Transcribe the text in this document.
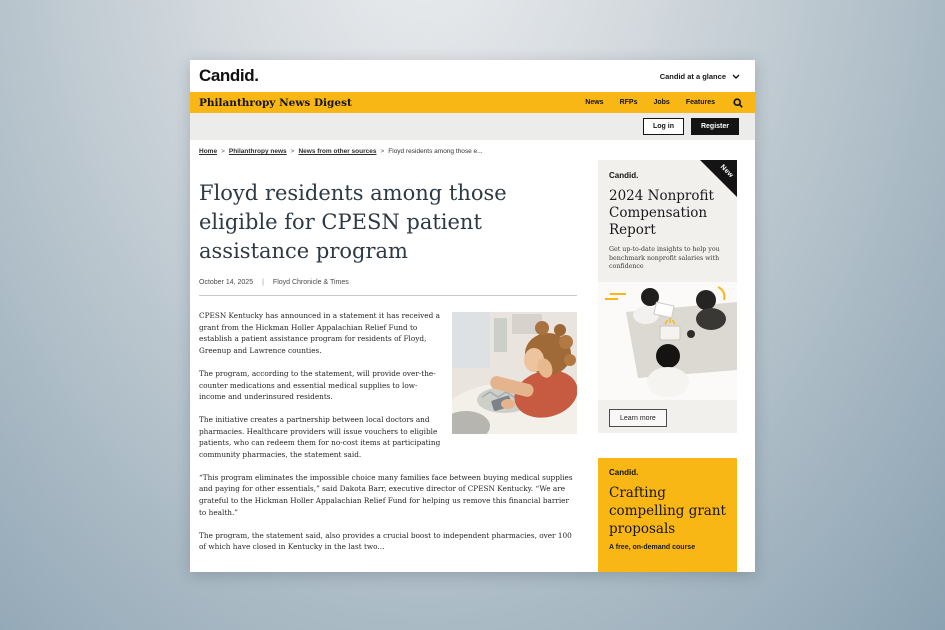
Candid.	Candid at a glance
Philanthropy News Digest	News RFPs Jobs Features
Log in	Register
Home > Philanthropy news > News from other sources > Floyd residents among those e...
Floyd residents among those eligible for CPESN patient assistance program
October 14, 2025 | Floyd Chronicle & Times

CPESN Kentucky has announced in a statement it has received a grant from the Hickman Holler Appalachian Relief Fund to establish a patient assistance program for residents of Floyd, Greenup and Lawrence counties.

The program, according to the statement, will provide over-the-counter medications and essential medical supplies to low-income and underinsured residents.

The initiative creates a partnership between local doctors and pharmacies. Healthcare providers will issue vouchers to eligible patients, who can redeem them for no-cost items at participating community pharmacies, the statement said.

“This program eliminates the impossible choice many families face between buying medical supplies and paying for other essentials,” said Dakota Barr, executive director of CPESN Kentucky. “We are grateful to the Hickman Holler Appalachian Relief Fund for helping us remove this financial barrier to health.”

The program, the statement said, also provides a crucial boost to independent pharmacies, over 100 of which have closed in Kentucky in the last two...

Candid.	New
2024 Nonprofit Compensation Report
Get up-to-date insights to help you benchmark nonprofit salaries with confidence
Learn more
Candid.
Crafting compelling grant proposals
A free, on-demand course
